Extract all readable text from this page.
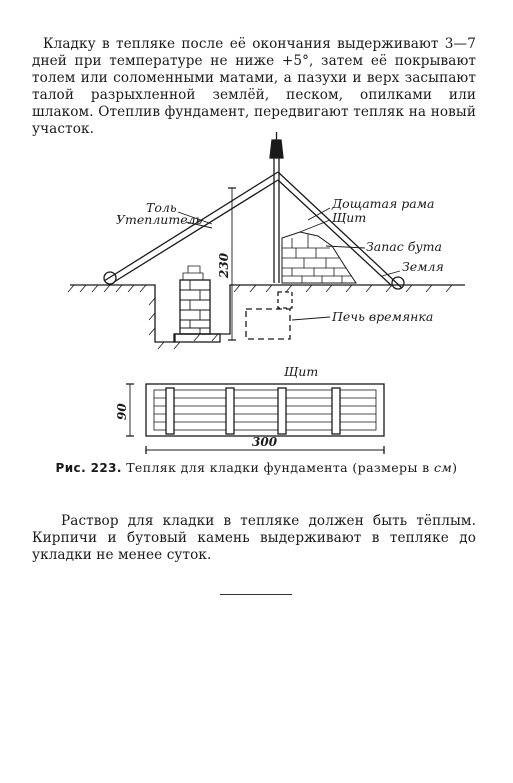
Кладку в тепляке после её окончания выдерживают 3—7 дней при температуре не ниже +5°, затем её покрывают толем или соломенными матами, а пазухи и верх засыпают талой разрыхленной землёй, песком, опилками или шлаком. Отеплив фундамент, передвигают тепляк на новый участок.

Толь
Утеплитель
Дощатая рама
Щит
Запас бута
Земля
Печь времянка
Щит
230
90
300
Рис. 223. Тепляк для кладки фундамента (размеры в см)

Раствор для кладки в тепляке должен быть тёплым. Кирпичи и бутовый камень выдерживают в тепляке до укладки не менее суток.
